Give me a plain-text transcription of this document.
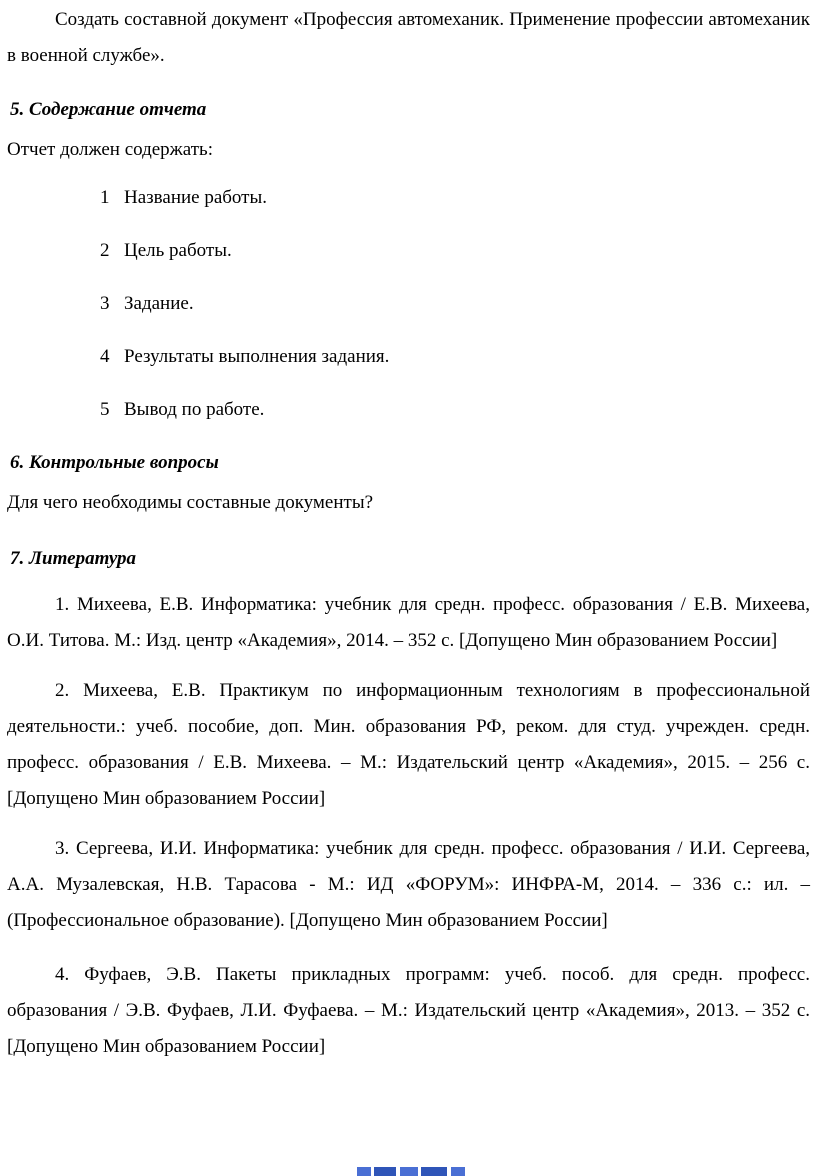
Создать составной документ «Профессия автомеханик. Применение профессии автомеханик в военной службе».

5. Содержание отчета

Отчет должен содержать:

1 Название работы.
2 Цель работы.
3 Задание.
4 Результаты выполнения задания.
5 Вывод по работе.

6. Контрольные вопросы

Для чего необходимы составные документы?

7. Литература

1. Михеева, Е.В. Информатика: учебник для средн. професс. образования / Е.В. Михеева, О.И. Титова. М.: Изд. центр «Академия», 2014. – 352 с. [Допущено Мин образованием России]

2. Михеева, Е.В. Практикум по информационным технологиям в профессиональной деятельности.: учеб. пособие, доп. Мин. образования РФ, реком. для студ. учрежден. средн. професс. образования / Е.В. Михеева. – М.: Издательский центр «Академия», 2015. – 256 с. [Допущено Мин образованием России]

3. Сергеева, И.И. Информатика: учебник для средн. професс. образования / И.И. Сергеева, А.А. Музалевская, Н.В. Тарасова - М.: ИД «ФОРУМ»: ИНФРА-М, 2014. – 336 с.: ил. – (Профессиональное образование). [Допущено Мин образованием России]

4. Фуфаев, Э.В. Пакеты прикладных программ: учеб. пособ. для средн. професс. образования / Э.В. Фуфаев, Л.И. Фуфаева. – М.: Издательский центр «Академия», 2013. – 352 с. [Допущено Мин образованием России]
